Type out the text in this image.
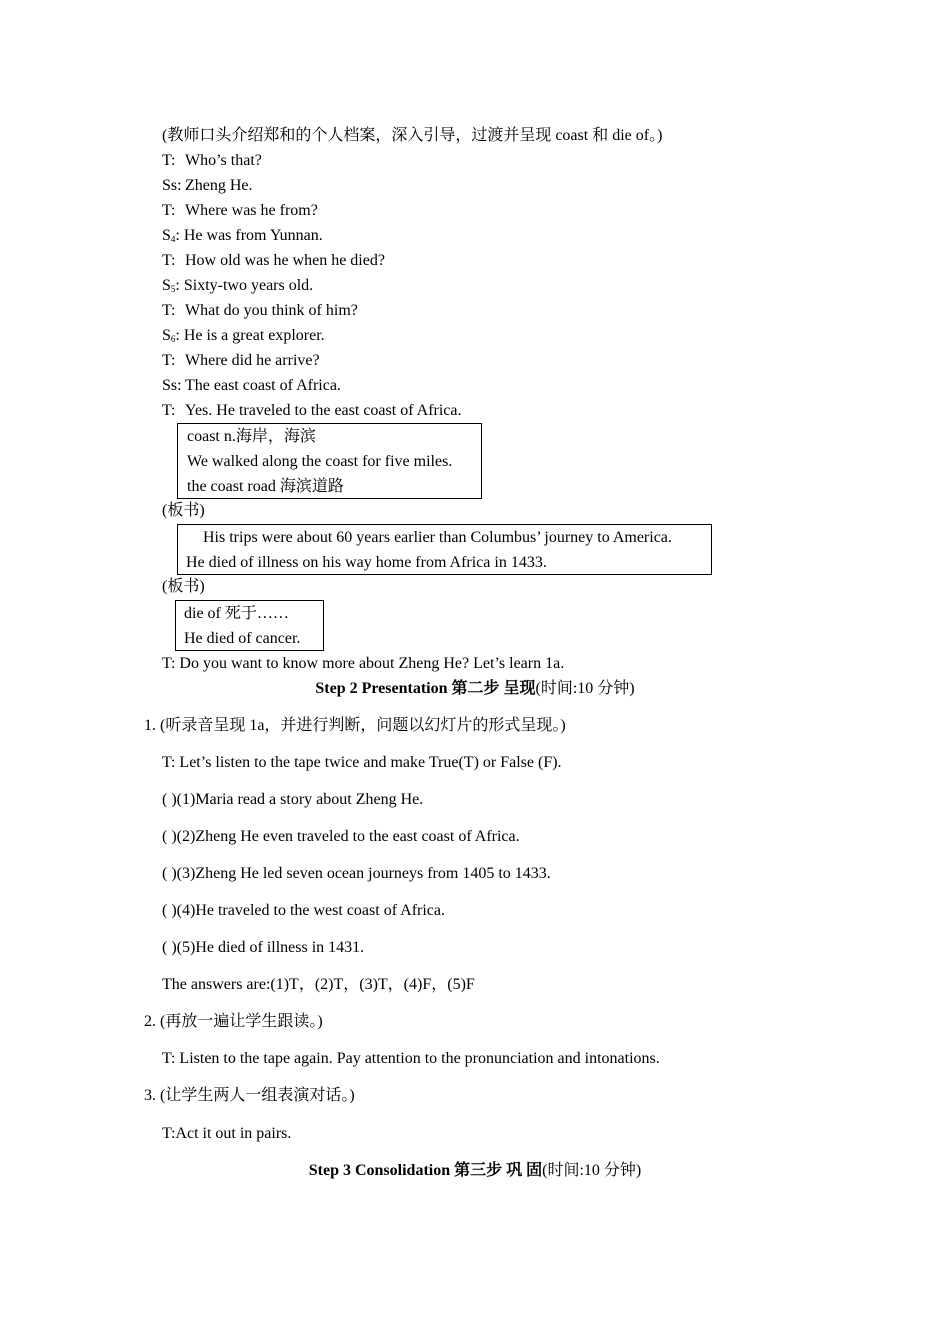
(教师口头介绍郑和的个人档案，深入引导，过渡并呈现 coast 和 die of。)
T: Who’s that?
Ss: Zheng He.
T: Where was he from?
$S_4$: He was from Yunnan.
T: How old was he when he died?
$S_5$: Sixty-two years old.
T: What do you think of him?
$S_6$: He is a great explorer.
T: Where did he arrive?
Ss: The east coast of Africa.
T: Yes. He traveled to the east coast of Africa.
coast n.海岸，海滨
We walked along the coast for five miles.
the coast road 海滨道路
(板书)
His trips were about 60 years earlier than Columbus’ journey to America.
He died of illness on his way home from Africa in 1433.
(板书)
die of 死于……
He died of cancer.
T: Do you want to know more about Zheng He? Let’s learn 1a.
Step 2 Presentation 第二步 呈现(时间:10 分钟)
1. (听录音呈现 1a，并进行判断，问题以幻灯片的形式呈现。)
T: Let’s listen to the tape twice and make True(T) or False (F).
( )(1)Maria read a story about Zheng He.
( )(2)Zheng He even traveled to the east coast of Africa.
( )(3)Zheng He led seven ocean journeys from 1405 to 1433.
( )(4)He traveled to the west coast of Africa.
( )(5)He died of illness in 1431.
The answers are:(1)T，(2)T，(3)T，(4)F，(5)F
2. (再放一遍让学生跟读。)
T: Listen to the tape again. Pay attention to the pronunciation and intonations.
3. (让学生两人一组表演对话。)
T:Act it out in pairs.
Step 3 Consolidation 第三步 巩 固(时间:10 分钟)
